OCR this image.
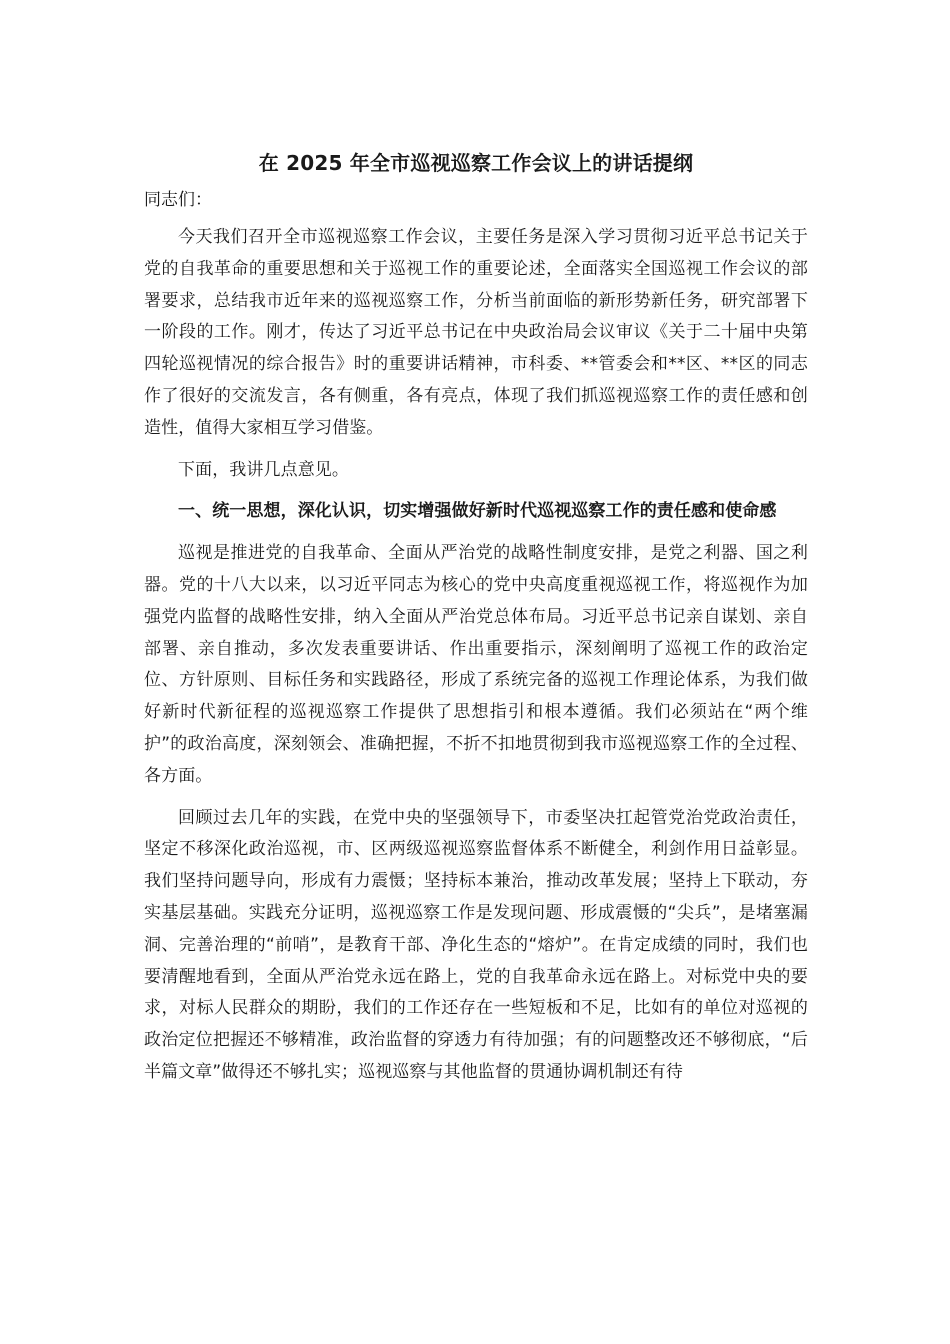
在 2025 年全市巡视巡察工作会议上的讲话提纲
同志们：

今天我们召开全市巡视巡察工作会议，主要任务是深入学习贯彻习近平总书记关于党的自我革命的重要思想和关于巡视工作的重要论述，全面落实全国巡视工作会议的部署要求，总结我市近年来的巡视巡察工作，分析当前面临的新形势新任务，研究部署下一阶段的工作。刚才，传达了习近平总书记在中央政治局会议审议《关于二十届中央第四轮巡视情况的综合报告》时的重要讲话精神，市科委、**管委会和**区、**区的同志作了很好的交流发言，各有侧重，各有亮点，体现了我们抓巡视巡察工作的责任感和创造性，值得大家相互学习借鉴。

下面，我讲几点意见。

一、统一思想，深化认识，切实增强做好新时代巡视巡察工作的责任感和使命感

巡视是推进党的自我革命、全面从严治党的战略性制度安排，是党之利器、国之利器。党的十八大以来，以习近平同志为核心的党中央高度重视巡视工作，将巡视作为加强党内监督的战略性安排，纳入全面从严治党总体布局。习近平总书记亲自谋划、亲自部署、亲自推动，多次发表重要讲话、作出重要指示，深刻阐明了巡视工作的政治定位、方针原则、目标任务和实践路径，形成了系统完备的巡视工作理论体系，为我们做好新时代新征程的巡视巡察工作提供了思想指引和根本遵循。我们必须站在“两个维护”的政治高度，深刻领会、准确把握，不折不扣地贯彻到我市巡视巡察工作的全过程、各方面。

回顾过去几年的实践，在党中央的坚强领导下，市委坚决扛起管党治党政治责任，坚定不移深化政治巡视，市、区两级巡视巡察监督体系不断健全，利剑作用日益彰显。我们坚持问题导向，形成有力震慑；坚持标本兼治，推动改革发展；坚持上下联动，夯实基层基础。实践充分证明，巡视巡察工作是发现问题、形成震慑的“尖兵”，是堵塞漏洞、完善治理的“前哨”，是教育干部、净化生态的“熔炉”。在肯定成绩的同时，我们也要清醒地看到，全面从严治党永远在路上，党的自我革命永远在路上。对标党中央的要求，对标人民群众的期盼，我们的工作还存在一些短板和不足，比如有的单位对巡视的政治定位把握还不够精准，政治监督的穿透力有待加强；有的问题整改还不够彻底，“后半篇文章”做得还不够扎实；巡视巡察与其他监督的贯通协调机制还有待
